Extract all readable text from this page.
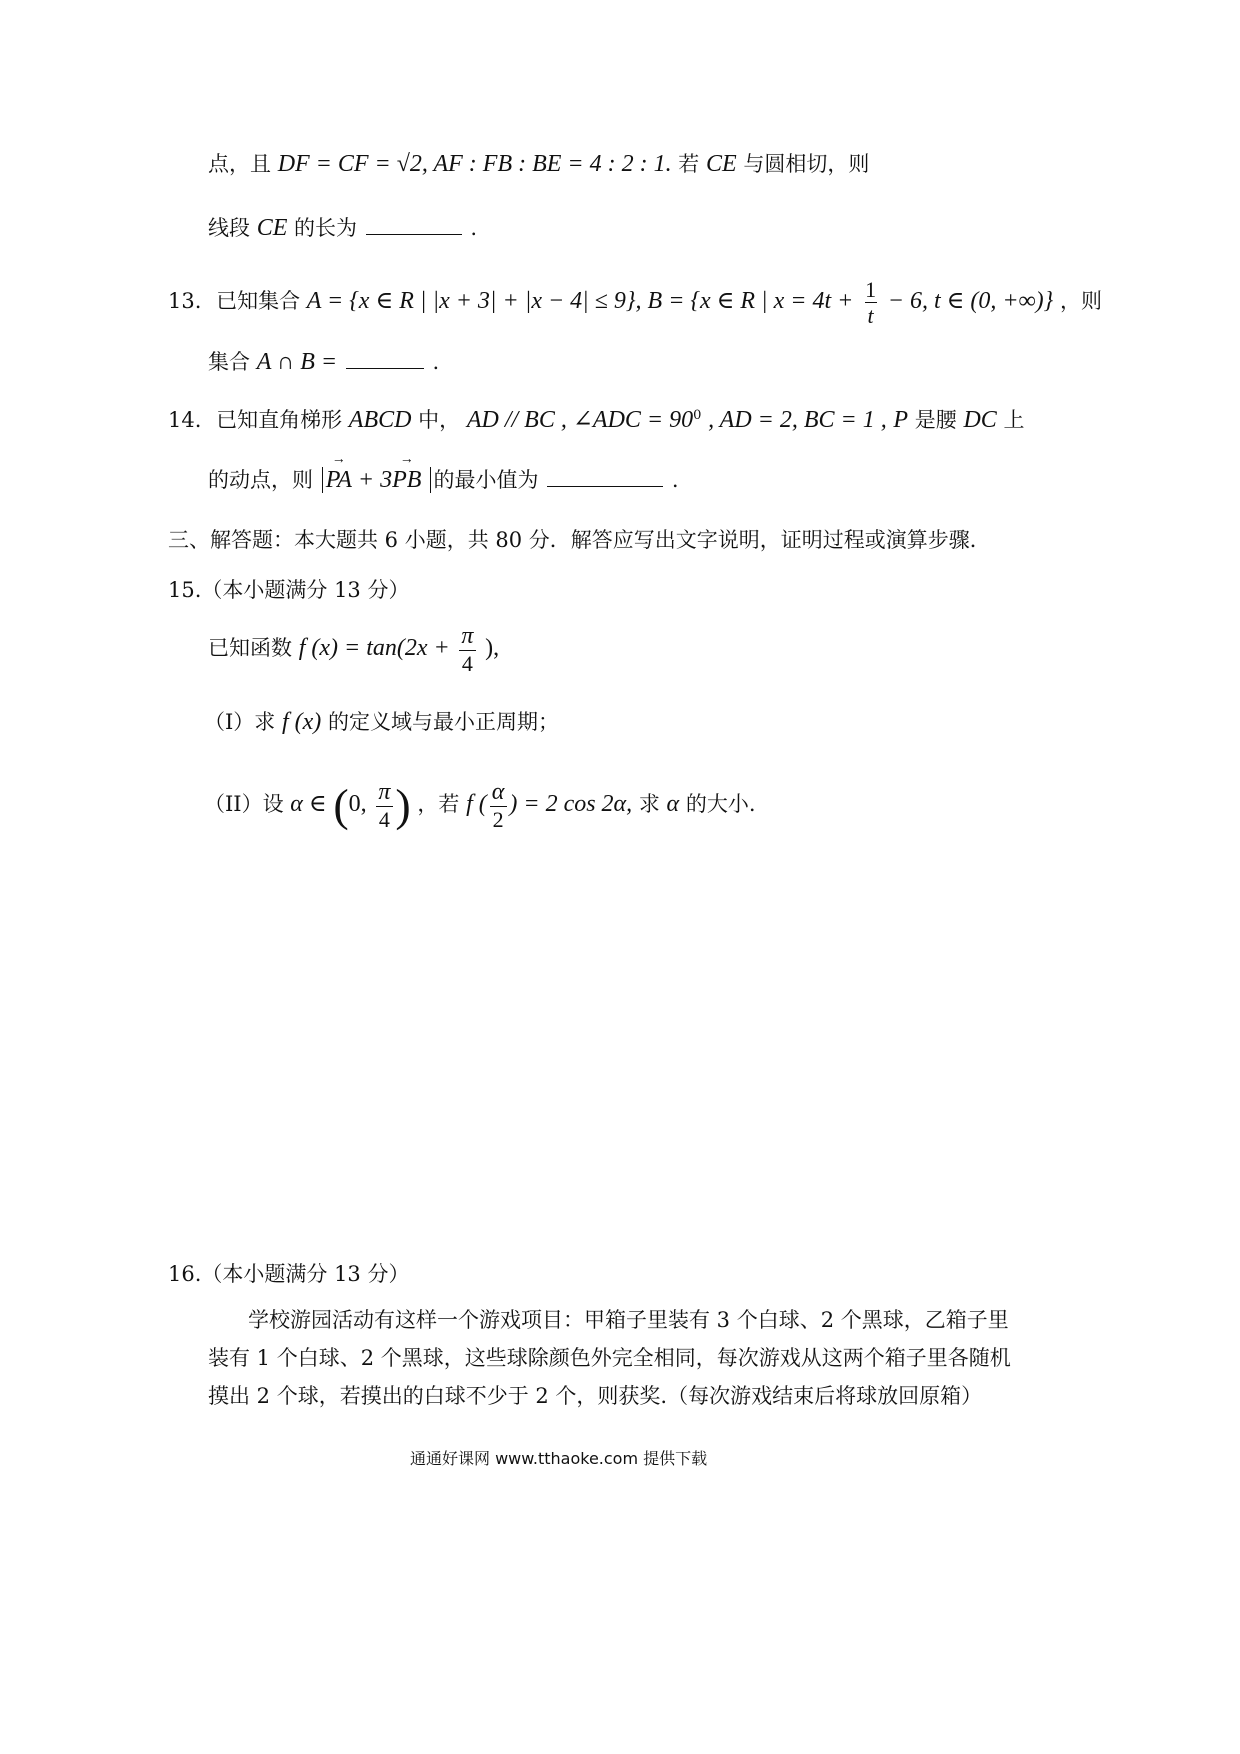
点，且 DF = CF = √2, AF : FB : BE = 4 : 2 : 1. 若 CE 与圆相切，则
线段 CE 的长为	.
13. 已知集合 A = {x ∈ R | |x + 3| + |x − 4| ≤ 9}, B = {x ∈ R | $x = 4t + \frac{1}{t} - 6$, t ∈ (0, +∞)} ，则
集合 A ∩ B =	.
14. 已知直角梯形 ABCD 中， AD // BC , ∠ADC = $90^0$ , AD = 2, BC = 1 , P 是腰 DC 上
的动点，则 → PA + 3→ PB 的最小值为	.
三、解答题：本大题共 6 小题，共 80 分．解答应写出文字说明，证明过程或演算步骤．
15.（本小题满分 13 分）
已知函数 f $(x) = \tan(2x + \frac{\pi}{4}$ ),
（Ⅰ）求 f (x) 的定义域与最小正周期；
（II）设 α ∈ (0, $\frac{\pi}{4}$ ) ，若 f ( $\frac{\alpha}{2}$ ) = 2 cos 2α, 求 α 的大小.
16.（本小题满分 13 分）
学校游园活动有这样一个游戏项目：甲箱子里装有 3 个白球、2 个黑球，乙箱子里
装有 1 个白球、2 个黑球，这些球除颜色外完全相同，每次游戏从这两个箱子里各随机
摸出 2 个球，若摸出的白球不少于 2 个，则获奖.（每次游戏结束后将球放回原箱）
通通好课网 www.tthaoke.com 提供下载
